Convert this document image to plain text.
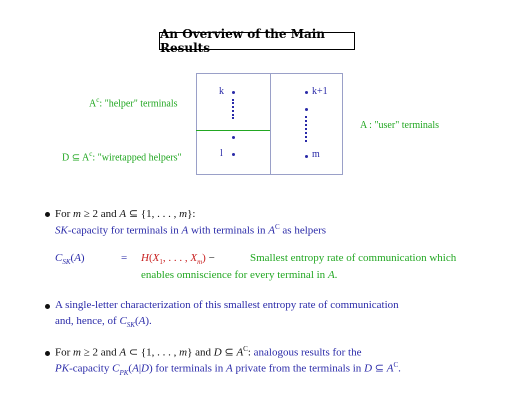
An Overview of the Main Results
k
l
k+1
m
$A^c$: "helper" terminals
D ⊆ $A^c$: "wiretapped helpers"
A : "user" terminals
For m ≥ 2 and A ⊆ {1, . . . , m}:
SK-capacity for terminals in A with terminals in $A^C$ as helpers
$C_{SK}(A)$	= $H(X_1$, . . . , $X_m$) −	Smallest entropy rate of communication which
enables omniscience for every terminal in A.
A single-letter characterization of this smallest entropy rate of communication
and, hence, of $C_{SK}(A)$.
For m ≥ 2 and A ⊂ {1, . . . , m} and D ⊆ $A^C$: analogous results for the
PK-capacity $C_{PK}(A|D)$ for terminals in A private from the terminals in D ⊆ $A^C$.
